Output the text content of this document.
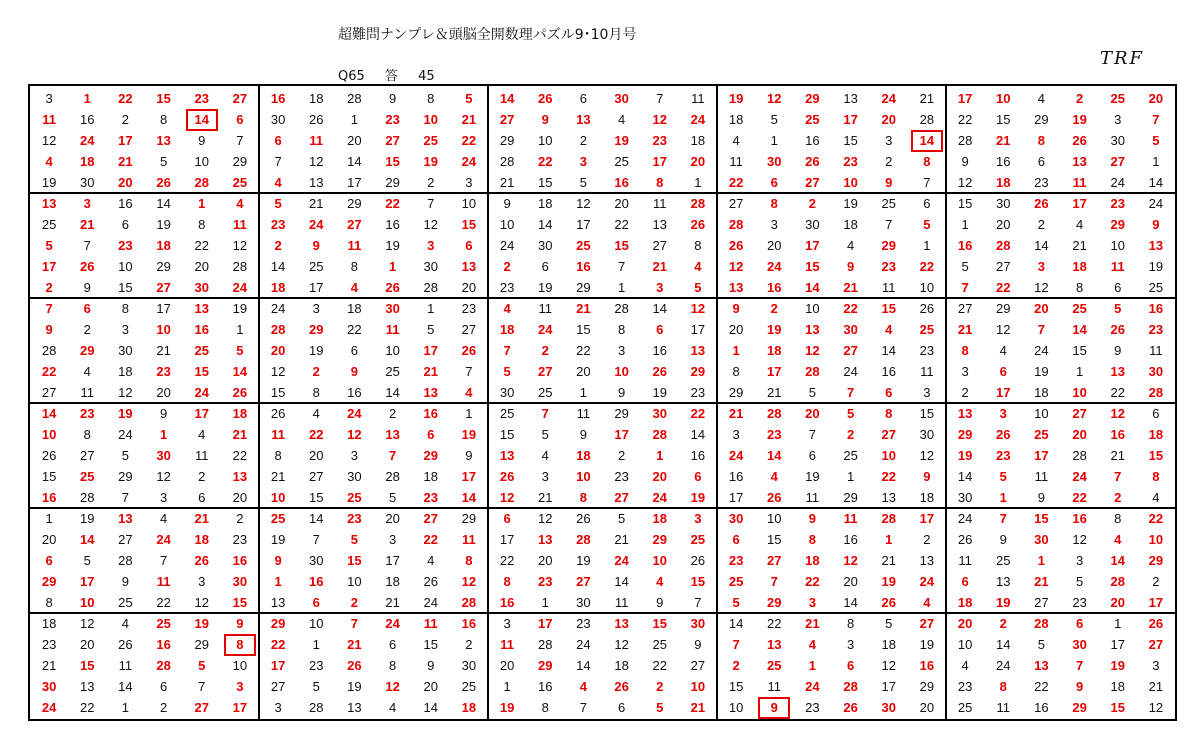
超難問ナンプレ＆頭脳全開数理パズル9･10月号
TRF
Q65 答 45
3	1	22	15	23	27	16	18	28	9	8	5	14	26	6	30	7	11	19	12	29	13	24	21	17	10	4	2	25	20
11	16	2	8	14	6	30	26	1	23	10	21	27	9	13	4	12	24	18	5	25	17	20	28	22	15	29	19	3	7
12	24	17	13	9	7	6	11	20	27	25	22	29	10	2	19	23	18	4	1	16	15	3	14	28	21	8	26	30	5
4	18	21	5	10	29	7	12	14	15	19	24	28	22	3	25	17	20	11	30	26	23	2	8	9	16	6	13	27	1
19	30	20	26	28	25	4	13	17	29	2	3	21	15	5	16	8	1	22	6	27	10	9	7	12	18	23	11	24	14
13	3	16	14	1	4	5	21	29	22	7	10	9	18	12	20	11	28	27	8	2	19	25	6	15	30	26	17	23	24
25	21	6	19	8	11	23	24	27	16	12	15	10	14	17	22	13	26	28	3	30	18	7	5	1	20	2	4	29	9
5	7	23	18	22	12	2	9	11	19	3	6	24	30	25	15	27	8	26	20	17	4	29	1	16	28	14	21	10	13
17	26	10	29	20	28	14	25	8	1	30	13	2	6	16	7	21	4	12	24	15	9	23	22	5	27	3	18	11	19
2	9	15	27	30	24	18	17	4	26	28	20	23	19	29	1	3	5	13	16	14	21	11	10	7	22	12	8	6	25
7	6	8	17	13	19	24	3	18	30	1	23	4	11	21	28	14	12	9	2	10	22	15	26	27	29	20	25	5	16
9	2	3	10	16	1	28	29	22	11	5	27	18	24	15	8	6	17	20	19	13	30	4	25	21	12	7	14	26	23
28	29	30	21	25	5	20	19	6	10	17	26	7	2	22	3	16	13	1	18	12	27	14	23	8	4	24	15	9	11
22	4	18	23	15	14	12	2	9	25	21	7	5	27	20	10	26	29	8	17	28	24	16	11	3	6	19	1	13	30
27	11	12	20	24	26	15	8	16	14	13	4	30	25	1	9	19	23	29	21	5	7	6	3	2	17	18	10	22	28
14	23	19	9	17	18	26	4	24	2	16	1	25	7	11	29	30	22	21	28	20	5	8	15	13	3	10	27	12	6
10	8	24	1	4	21	11	22	12	13	6	19	15	5	9	17	28	14	3	23	7	2	27	30	29	26	25	20	16	18
26	27	5	30	11	22	8	20	3	7	29	9	13	4	18	2	1	16	24	14	6	25	10	12	19	23	17	28	21	15
15	25	29	12	2	13	21	27	30	28	18	17	26	3	10	23	20	6	16	4	19	1	22	9	14	5	11	24	7	8
16	28	7	3	6	20	10	15	25	5	23	14	12	21	8	27	24	19	17	26	11	29	13	18	30	1	9	22	2	4
1	19	13	4	21	2	25	14	23	20	27	29	6	12	26	5	18	3	30	10	9	11	28	17	24	7	15	16	8	22
20	14	27	24	18	23	19	7	5	3	22	11	17	13	28	21	29	25	6	15	8	16	1	2	26	9	30	12	4	10
6	5	28	7	26	16	9	30	15	17	4	8	22	20	19	24	10	26	23	27	18	12	21	13	11	25	1	3	14	29
29	17	9	11	3	30	1	16	10	18	26	12	8	23	27	14	4	15	25	7	22	20	19	24	6	13	21	5	28	2
8	10	25	22	12	15	13	6	2	21	24	28	16	1	30	11	9	7	5	29	3	14	26	4	18	19	27	23	20	17
18	12	4	25	19	9	29	10	7	24	11	16	3	17	23	13	15	30	14	22	21	8	5	27	20	2	28	6	1	26
23	20	26	16	29	8	22	1	21	6	15	2	11	28	24	12	25	9	7	13	4	3	18	19	10	14	5	30	17	27
21	15	11	28	5	10	17	23	26	8	9	30	20	29	14	18	22	27	2	25	1	6	12	16	4	24	13	7	19	3
30	13	14	6	7	3	27	5	19	12	20	25	1	16	4	26	2	10	15	11	24	28	17	29	23	8	22	9	18	21
24	22	1	2	27	17	3	28	13	4	14	18	19	8	7	6	5	21	10	9	23	26	30	20	25	11	16	29	15	12
